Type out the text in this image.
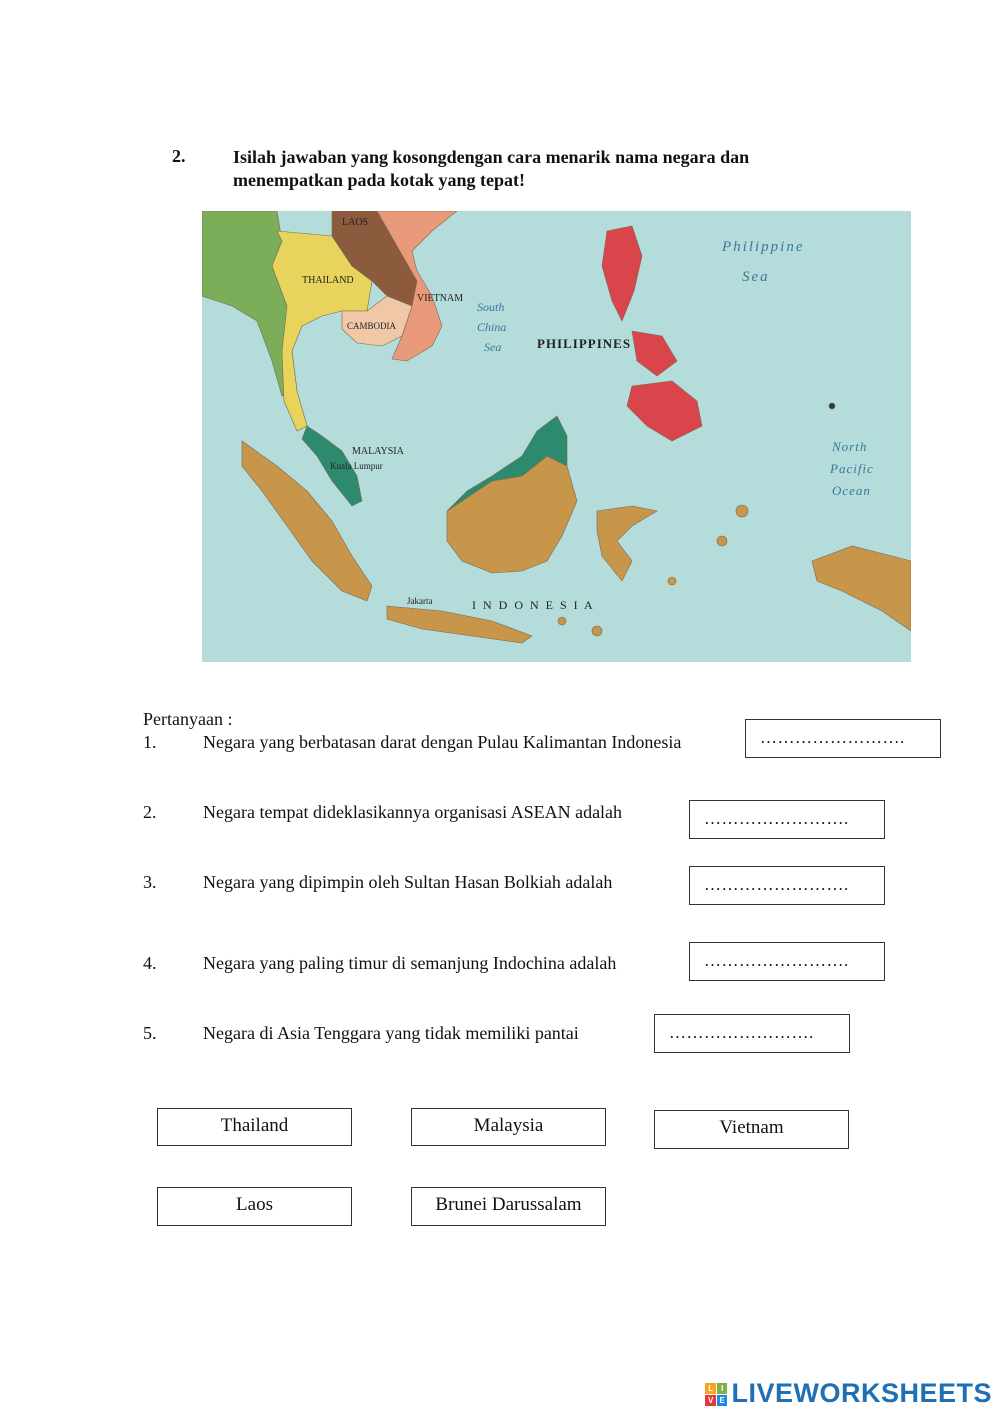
2.	Isilah jawaban yang kosongdengan cara menarik nama negara dan
menempatkan pada kotak yang tepat!
Philippine
Sea
South
China
Sea	PHILIPPINES
I N D O N E S I A
THAILAND
VIETNAM
CAMBODIA
LAOS
MALAYSIA
Kuala Lumpur
North
Pacific
Ocean
Jakarta
Pertanyaan :
1.	Negara yang berbatasan darat dengan Pulau Kalimantan Indonesia	…………………….
2.	Negara tempat dideklasikannya organisasi ASEAN adalah	…………………….
3.	Negara yang dipimpin oleh Sultan Hasan Bolkiah adalah	…………………….
4.	Negara yang paling timur di semanjung Indochina adalah	…………………….
5.	Negara di Asia Tenggara yang tidak memiliki pantai	…………………….
Thailand	Malaysia	Vietnam
Laos	Brunei Darussalam
L I
V E LIVEWORKSHEETS
